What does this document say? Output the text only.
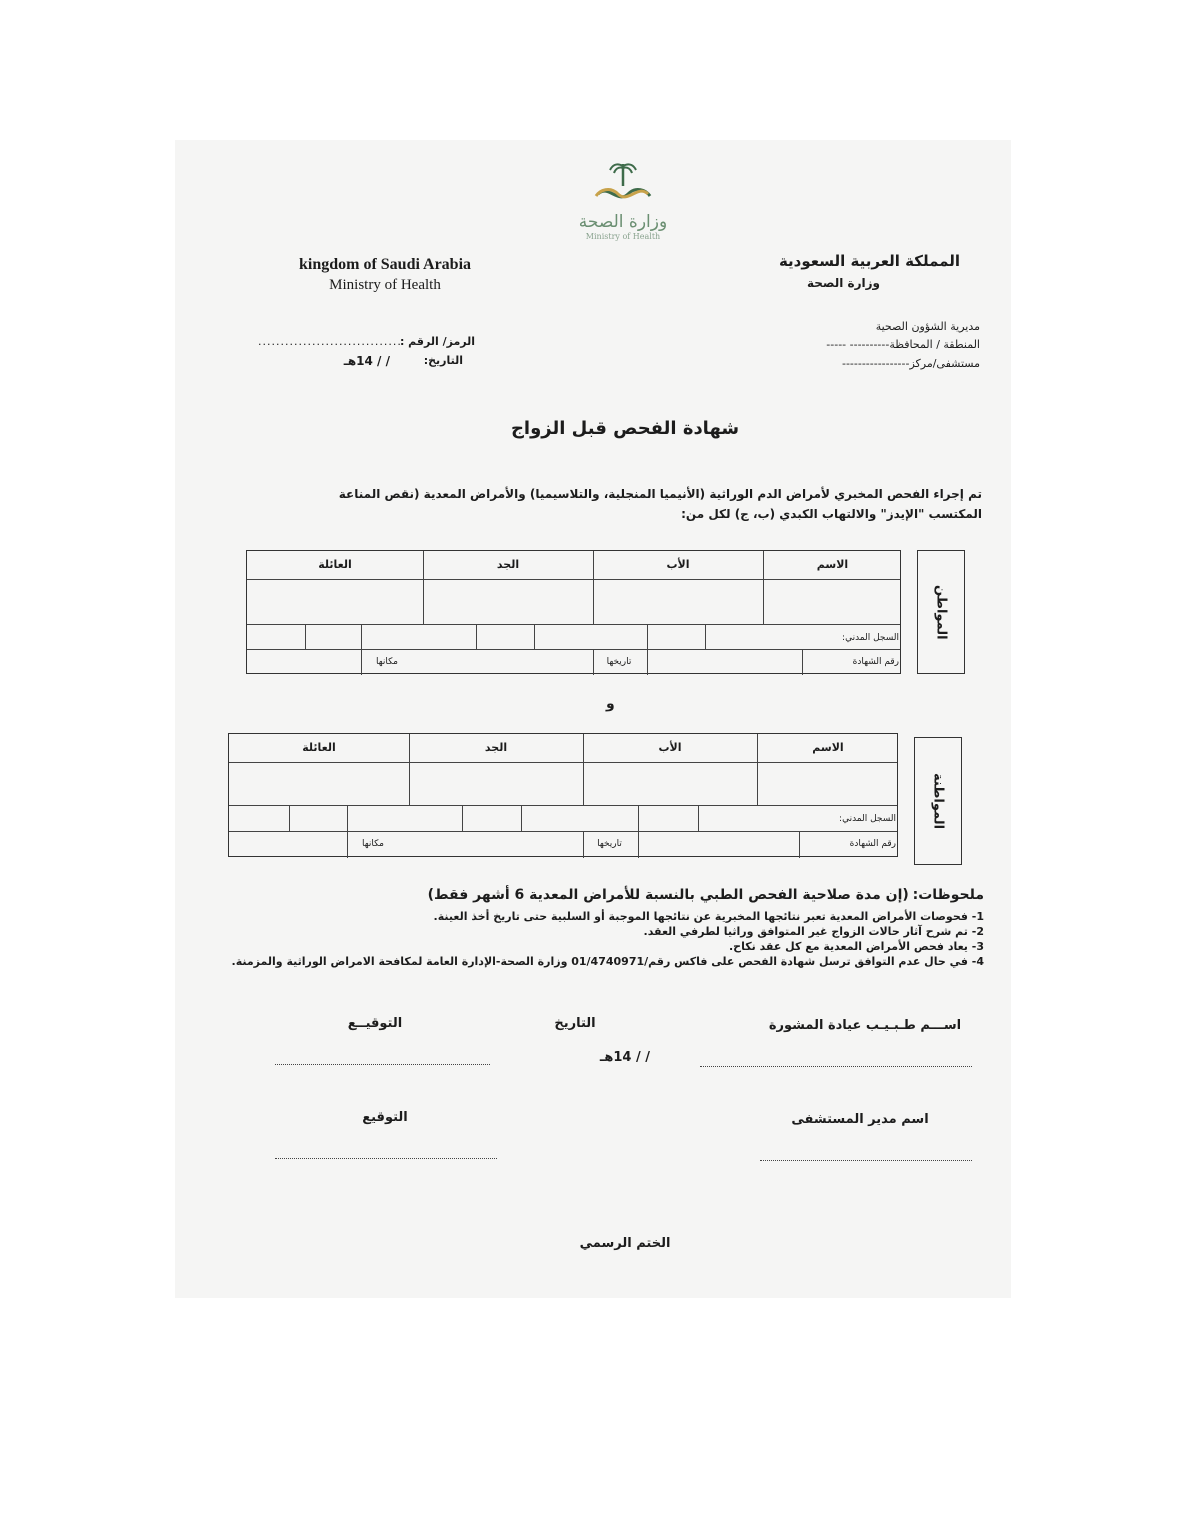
وزارة الصحة
Ministry of Health
kingdom of Saudi Arabia
Ministry of Health
المملكة العربية السعودية
وزارة الصحة
مديرية الشؤون الصحية
المنطقة / المحافظة---------- -----
مستشفى/مركز-----------------
الرمز/ الرقم :
................................
التاريخ:
/ / 14هـ
شهادة الفحص قبل الزواج
تم إجراء الفحص المخبري لأمراض الدم الوراثية (الأنيميا المنجلية، والتلاسيميا) والأمراض المعدية (نقص المناعة المكتسب "الإيدز" والالتهاب الكبدي (ب، ج) لكل من:
الاسم
الأب
الجد
العائلة
السجل المدني:
رقم الشهادة
تاريخها
مكانها
المواطن
و
الاسم
الأب
الجد
العائلة
السجل المدني:
رقم الشهادة
تاريخها
مكانها
المواطنة
ملحوظات: (إن مدة صلاحية الفحص الطبي بالنسبة للأمراض المعدية 6 أشهر فقط)
1- فحوصات الأمراض المعدية تعبر نتائجها المخبرية عن نتائجها الموجبة أو السلبية حتى تاريخ أخذ العينة.
2- تم شرح آثار حالات الزواج غير المتوافق وراثيا لطرفي العقد.
3- يعاد فحص الأمراض المعدية مع كل عقد نكاح.
4- في حال عدم التوافق ترسل شهادة الفحص على فاكس رقم/01/4740971 وزارة الصحة-الإدارة العامة لمكافحة الامراض الوراثية والمزمنة.
اســـم طـبـيـب عيادة المشورة
التاريخ
التوقيــع
/ / 14هـ
اسم مدير المستشفى
التوقيع
الختم الرسمي
